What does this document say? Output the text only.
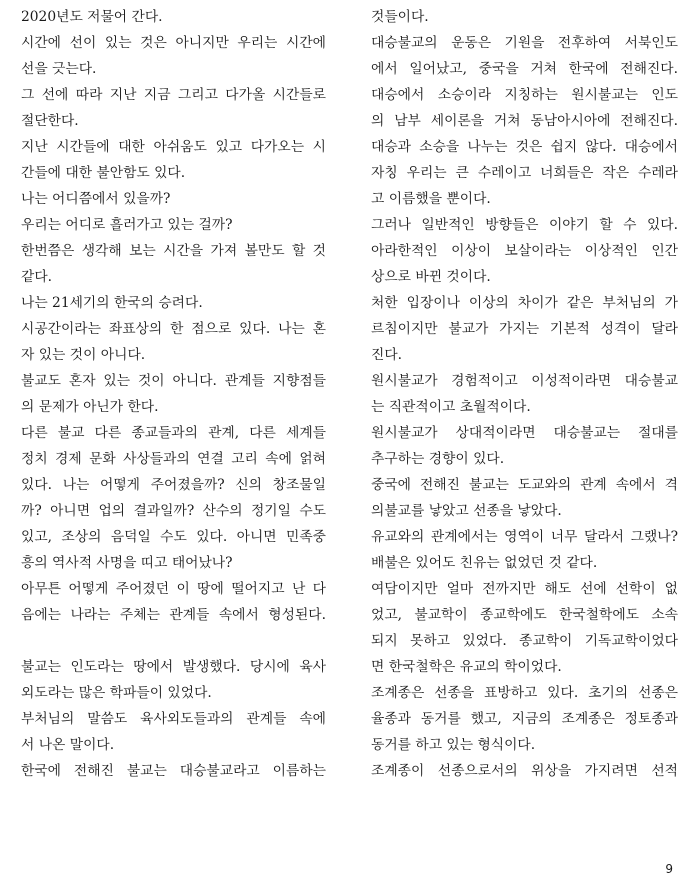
2020년도 저물어 간다.
시간에 선이 있는 것은 아니지만 우리는 시간에
선을 긋는다.
그 선에 따라 지난 지금 그리고 다가올 시간들로
절단한다.
지난 시간들에 대한 아쉬움도 있고 다가오는 시
간들에 대한 불안함도 있다.
나는 어디쯤에서 있을까?
우리는 어디로 흘러가고 있는 걸까?
한번쯤은 생각해 보는 시간을 가져 볼만도 할 것
같다.
나는 21세기의 한국의 승려다.
시공간이라는 좌표상의 한 점으로 있다. 나는 혼
자 있는 것이 아니다.
불교도 혼자 있는 것이 아니다. 관계들 지향점들
의 문제가 아닌가 한다.
다른 불교 다른 종교들과의 관계, 다른 세계들
정치 경제 문화 사상들과의 연결 고리 속에 얽혀
있다. 나는 어떻게 주어졌을까? 신의 창조물일
까? 아니면 업의 결과일까? 산수의 정기일 수도
있고, 조상의 음덕일 수도 있다. 아니면 민족중
흥의 역사적 사명을 띠고 태어났나?
아무튼 어떻게 주어졌던 이 땅에 떨어지고 난 다
음에는 나라는 주체는 관계들 속에서 형성된다.
불교는 인도라는 땅에서 발생했다. 당시에 육사
외도라는 많은 학파들이 있었다.
부처님의 말씀도 육사외도들과의 관계들 속에
서 나온 말이다.
한국에 전해진 불교는 대승불교라고 이름하는
것들이다.
대승불교의 운동은 기원을 전후하여 서북인도
에서 일어났고, 중국을 거쳐 한국에 전해진다.
대승에서 소승이라 지칭하는 원시불교는 인도
의 남부 세이론을 거쳐 동남아시아에 전해진다.
대승과 소승을 나누는 것은 쉽지 않다. 대승에서
자칭 우리는 큰 수레이고 너희들은 작은 수레라
고 이름했을 뿐이다.
그러나 일반적인 방향들은 이야기 할 수 있다.
아라한적인 이상이 보살이라는 이상적인 인간
상으로 바뀐 것이다.
처한 입장이나 이상의 차이가 같은 부처님의 가
르침이지만 불교가 가지는 기본적 성격이 달라
진다.
원시불교가 경험적이고 이성적이라면 대승불교
는 직관적이고 초월적이다.
원시불교가 상대적이라면 대승불교는 절대를
추구하는 경향이 있다.
중국에 전해진 불교는 도교와의 관계 속에서 격
의불교를 낳았고 선종을 낳았다.
유교와의 관계에서는 영역이 너무 달라서 그랬나?
배불은 있어도 친유는 없었던 것 같다.
여담이지만 얼마 전까지만 해도 선에 선학이 없
었고, 불교학이 종교학에도 한국철학에도 소속
되지 못하고 있었다. 종교학이 기독교학이었다
면 한국철학은 유교의 학이었다.
조계종은 선종을 표방하고 있다. 초기의 선종은
율종과 동거를 했고, 지금의 조계종은 정토종과
동거를 하고 있는 형식이다.
조계종이 선종으로서의 위상을 가지려면 선적
9
